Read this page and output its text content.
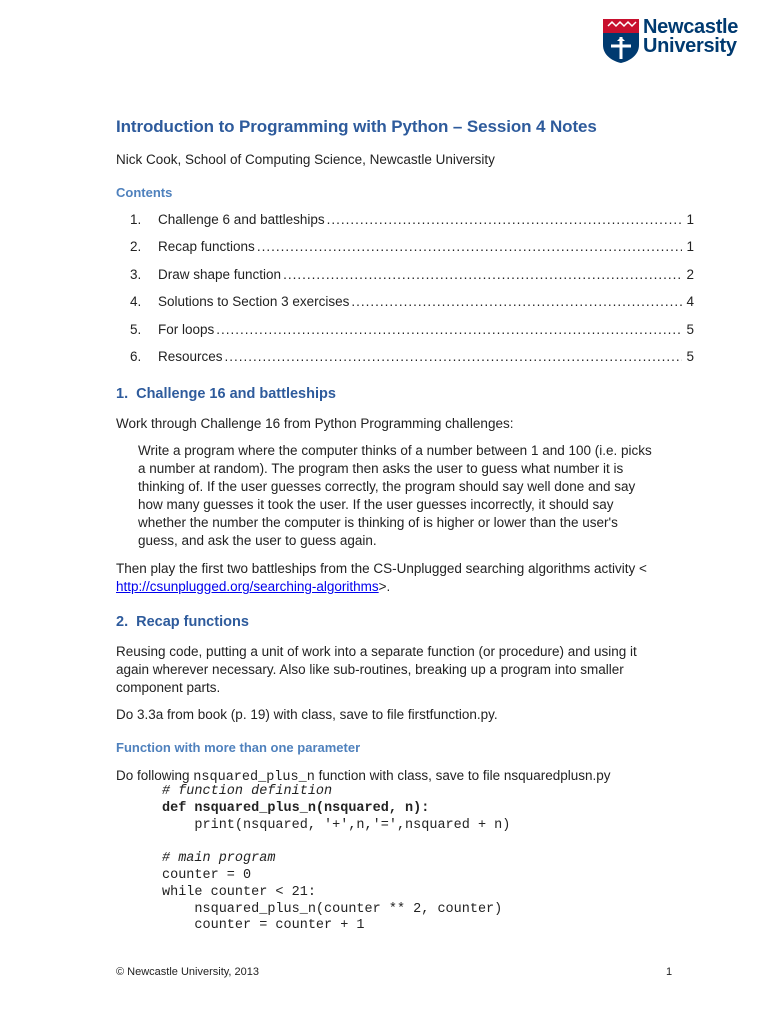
Newcastle
University
Introduction to Programming with Python – Session 4 Notes
Nick Cook, School of Computing Science, Newcastle University
Contents
1.	Challenge 6 and battleships .....	1
2.	Recap functions .....	1
3.	Draw shape function .....	2
4.	Solutions to Section 3 exercises .....	4
5.	For loops .....	5
6.	Resources .....	5
1. Challenge 16 and battleships

Work through Challenge 16 from Python Programming challenges:

Write a program where the computer thinks of a number between 1 and 100 (i.e. picks a number at random). The program then asks the user to guess what number it is thinking of. If the user guesses correctly, the program should say well done and say how many guesses it took the user. If the user guesses incorrectly, it should say whether the number the computer is thinking of is higher or lower than the user's guess, and ask the user to guess again.

Then play the first two battleships from the CS-Unplugged searching algorithms activity < http://csunplugged.org/searching-algorithms>.

2. Recap functions

Reusing code, putting a unit of work into a separate function (or procedure) and using it again wherever necessary. Also like sub-routines, breaking up a program into smaller component parts.

Do 3.3a from book (p. 19) with class, save to file firstfunction.py.

Function with more than one parameter

Do following nsquared_plus_n function with class, save to file nsquaredplusn.py

# function definition
def nsquared_plus_n(nsquared, n):
print(nsquared, '+',n,'=',nsquared + n)

# main program
counter = 0
while counter < 21:
nsquared_plus_n(counter ** 2, counter)
counter = counter + 1
© Newcastle University, 2013	1
